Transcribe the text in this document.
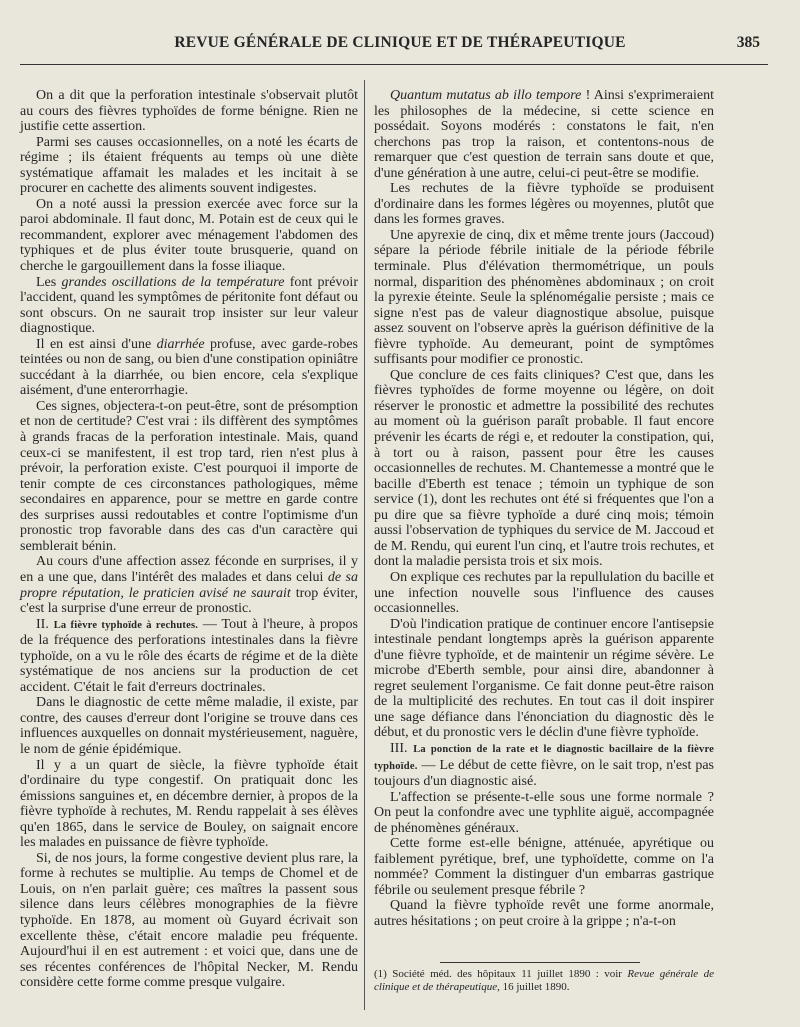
REVUE GÉNÉRALE DE CLINIQUE ET DE THÉRAPEUTIQUE	385

On a dit que la perforation intestinale s'observait plutôt au cours des fièvres typhoïdes de forme bénigne. Rien ne justifie cette assertion.

Parmi ses causes occasionnelles, on a noté les écarts de régime ; ils étaient fréquents au temps où une diète systématique affamait les malades et les incitait à se procurer en cachette des aliments souvent indigestes.

On a noté aussi la pression exercée avec force sur la paroi abdominale. Il faut donc, M. Potain est de ceux qui le recommandent, explorer avec ménagement l'abdomen des typhiques et de plus éviter toute brusquerie, quand on cherche le gargouillement dans la fosse iliaque.

Les grandes oscillations de la température font prévoir l'accident, quand les symptômes de péritonite font défaut ou sont obscurs. On ne saurait trop insister sur leur valeur diagnostique.

Il en est ainsi d'une diarrhée profuse, avec garde-robes teintées ou non de sang, ou bien d'une constipation opiniâtre succédant à la diarrhée, ou bien encore, cela s'explique aisément, d'une enterorrhagie.

Ces signes, objectera-t-on peut-être, sont de présomption et non de certitude? C'est vrai : ils diffèrent des symptômes à grands fracas de la perforation intestinale. Mais, quand ceux-ci se manifestent, il est trop tard, rien n'est plus à prévoir, la perforation existe. C'est pourquoi il importe de tenir compte de ces circonstances pathologiques, même secondaires en apparence, pour se mettre en garde contre des surprises aussi redoutables et contre l'optimisme d'un pronostic trop favorable dans des cas d'un caractère qui semblerait bénin.

Au cours d'une affection assez féconde en surprises, il y en a une que, dans l'intérêt des malades et dans celui de sa propre réputation, le praticien avisé ne saurait trop éviter, c'est la surprise d'une erreur de pronostic.

II. La fièvre typhoïde à rechutes. — Tout à l'heure, à propos de la fréquence des perforations intestinales dans la fièvre typhoïde, on a vu le rôle des écarts de régime et de la diète systématique de nos anciens sur la production de cet accident. C'était le fait d'erreurs doctrinales.

Dans le diagnostic de cette même maladie, il existe, par contre, des causes d'erreur dont l'origine se trouve dans ces influences auxquelles on donnait mystérieusement, naguère, le nom de génie épidémique.

Il y a un quart de siècle, la fièvre typhoïde était d'ordinaire du type congestif. On pratiquait donc les émissions sanguines et, en décembre dernier, à propos de la fièvre typhoïde à rechutes, M. Rendu rappelait à ses élèves qu'en 1865, dans le service de Bouley, on saignait encore les malades en puissance de fièvre typhoïde.

Si, de nos jours, la forme congestive devient plus rare, la forme à rechutes se multiplie. Au temps de Chomel et de Louis, on n'en parlait guère; ces maîtres la passent sous silence dans leurs célèbres monographies de la fièvre typhoïde. En 1878, au moment où Guyard écrivait son excellente thèse, c'était encore maladie peu fréquente. Aujourd'hui il en est autrement : et voici que, dans une de ses récentes conférences de l'hôpital Necker, M. Rendu considère cette forme comme presque vulgaire.

Quantum mutatus ab illo tempore ! Ainsi s'exprimeraient les philosophes de la médecine, si cette science en possédait. Soyons modérés : constatons le fait, n'en cherchons pas trop la raison, et contentons-nous de remarquer que c'est question de terrain sans doute et que, d'une génération à une autre, celui-ci peut-être se modifie.

Les rechutes de la fièvre typhoïde se produisent d'ordinaire dans les formes légères ou moyennes, plutôt que dans les formes graves.

Une apyrexie de cinq, dix et même trente jours (Jaccoud) sépare la période fébrile initiale de la période fébrile terminale. Plus d'élévation thermométrique, un pouls normal, disparition des phénomènes abdominaux ; on croit la pyrexie éteinte. Seule la splénomégalie persiste ; mais ce signe n'est pas de valeur diagnostique absolue, puisque assez souvent on l'observe après la guérison définitive de la fièvre typhoïde. Au demeurant, point de symptômes suffisants pour modifier ce pronostic.

Que conclure de ces faits cliniques? C'est que, dans les fièvres typhoïdes de forme moyenne ou légère, on doit réserver le pronostic et admettre la possibilité des rechutes au moment où la guérison paraît probable. Il faut encore prévenir les écarts de régi e, et redouter la constipation, qui, à tort ou à raison, passent pour être les causes occasionnelles de rechutes. M. Chantemesse a montré que le bacille d'Eberth est tenace ; témoin un typhique de son service (1), dont les rechutes ont été si fréquentes que l'on a pu dire que sa fièvre typhoïde a duré cinq mois; témoin aussi l'observation de typhiques du service de M. Jaccoud et de M. Rendu, qui eurent l'un cinq, et l'autre trois rechutes, et dont la maladie persista trois et six mois.

On explique ces rechutes par la repullulation du bacille et une infection nouvelle sous l'influence des causes occasionnelles.

D'où l'indication pratique de continuer encore l'antisepsie intestinale pendant longtemps après la guérison apparente d'une fièvre typhoïde, et de maintenir un régime sévère. Le microbe d'Eberth semble, pour ainsi dire, abandonner à regret seulement l'organisme. Ce fait donne peut-être raison de la multiplicité des rechutes. En tout cas il doit inspirer une sage défiance dans l'énonciation du diagnostic dès le début, et du pronostic vers le déclin d'une fièvre typhoïde.

III. La ponction de la rate et le diagnostic bacillaire de la fièvre typhoïde. — Le début de cette fièvre, on le sait trop, n'est pas toujours d'un diagnostic aisé.

L'affection se présente-t-elle sous une forme normale ? On peut la confondre avec une typhlite aiguë, accompagnée de phénomènes généraux.

Cette forme est-elle bénigne, atténuée, apyrétique ou faiblement pyrétique, bref, une typhoïdette, comme on l'a nommée? Comment la distinguer d'un embarras gastrique fébrile ou seulement presque fébrile ?

Quand la fièvre typhoïde revêt une forme anormale, autres hésitations ; on peut croire à la grippe ; n'a-t-on

(1) Société méd. des hôpitaux 11 juillet 1890 : voir Revue générale de clinique et de thérapeutique, 16 juillet 1890.
